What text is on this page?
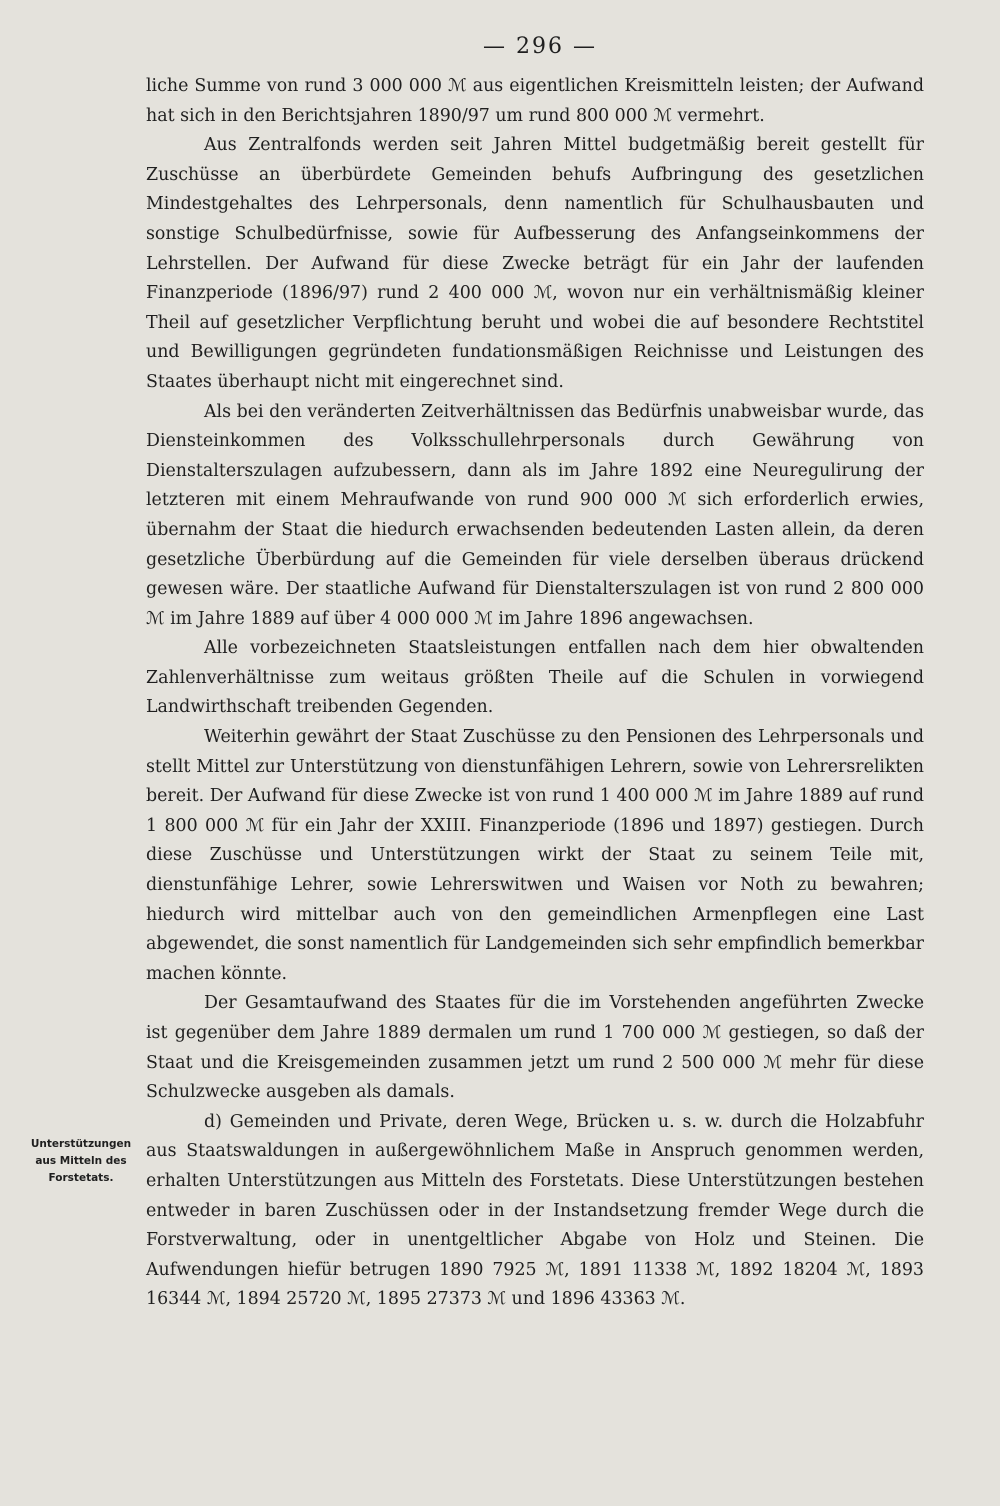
— 296 —

liche Summe von rund 3 000 000 ℳ aus eigentlichen Kreismitteln leisten; der Aufwand hat sich in den Berichtsjahren 1890/97 um rund 800 000 ℳ vermehrt.

Aus Zentralfonds werden seit Jahren Mittel budgetmäßig bereit gestellt für Zuschüsse an überbürdete Gemeinden behufs Aufbringung des gesetzlichen Mindestgehaltes des Lehrpersonals, denn namentlich für Schulhausbauten und sonstige Schulbedürfnisse, sowie für Aufbesserung des Anfangseinkommens der Lehrstellen. Der Aufwand für diese Zwecke beträgt für ein Jahr der laufenden Finanzperiode (1896/97) rund 2 400 000 ℳ, wovon nur ein verhältnismäßig kleiner Theil auf gesetzlicher Verpflichtung beruht und wobei die auf besondere Rechtstitel und Bewilligungen gegründeten fundationsmäßigen Reichnisse und Leistungen des Staates überhaupt nicht mit eingerechnet sind.

Als bei den veränderten Zeitverhältnissen das Bedürfnis unabweisbar wurde, das Diensteinkommen des Volksschullehrpersonals durch Gewährung von Dienstalterszulagen aufzubessern, dann als im Jahre 1892 eine Neuregulirung der letzteren mit einem Mehraufwande von rund 900 000 ℳ sich erforderlich erwies, übernahm der Staat die hiedurch erwachsenden bedeutenden Lasten allein, da deren gesetzliche Überbürdung auf die Gemeinden für viele derselben überaus drückend gewesen wäre. Der staatliche Aufwand für Dienstalterszulagen ist von rund 2 800 000 ℳ im Jahre 1889 auf über 4 000 000 ℳ im Jahre 1896 angewachsen.

Alle vorbezeichneten Staatsleistungen entfallen nach dem hier obwaltenden Zahlenverhältnisse zum weitaus größten Theile auf die Schulen in vorwiegend Landwirthschaft treibenden Gegenden.

Weiterhin gewährt der Staat Zuschüsse zu den Pensionen des Lehrpersonals und stellt Mittel zur Unterstützung von dienstunfähigen Lehrern, sowie von Lehrersrelikten bereit. Der Aufwand für diese Zwecke ist von rund 1 400 000 ℳ im Jahre 1889 auf rund 1 800 000 ℳ für ein Jahr der XXIII. Finanzperiode (1896 und 1897) gestiegen. Durch diese Zuschüsse und Unterstützungen wirkt der Staat zu seinem Teile mit, dienstunfähige Lehrer, sowie Lehrerswitwen und Waisen vor Noth zu bewahren; hiedurch wird mittelbar auch von den gemeindlichen Armenpflegen eine Last abgewendet, die sonst namentlich für Landgemeinden sich sehr empfindlich bemerkbar machen könnte.

Der Gesamtaufwand des Staates für die im Vorstehenden angeführten Zwecke ist gegenüber dem Jahre 1889 dermalen um rund 1 700 000 ℳ gestiegen, so daß der Staat und die Kreisgemeinden zusammen jetzt um rund 2 500 000 ℳ mehr für diese Schulzwecke ausgeben als damals.

d) Gemeinden und Private, deren Wege, Brücken u. s. w. durch die Holzabfuhr aus Staatswaldungen in außergewöhnlichem Maße in Anspruch genommen werden, erhalten Unterstützungen aus Mitteln des Forstetats. Diese Unterstützungen bestehen entweder in baren Zuschüssen oder in der Instandsetzung fremder Wege durch die Forstverwaltung, oder in unentgeltlicher Abgabe von Holz und Steinen. Die Aufwendungen hiefür betrugen 1890 7925 ℳ, 1891 11338 ℳ, 1892 18204 ℳ, 1893 16344 ℳ, 1894 25720 ℳ, 1895 27373 ℳ und 1896 43363 ℳ.

Unterstützungen aus Mitteln des Forstetats.
